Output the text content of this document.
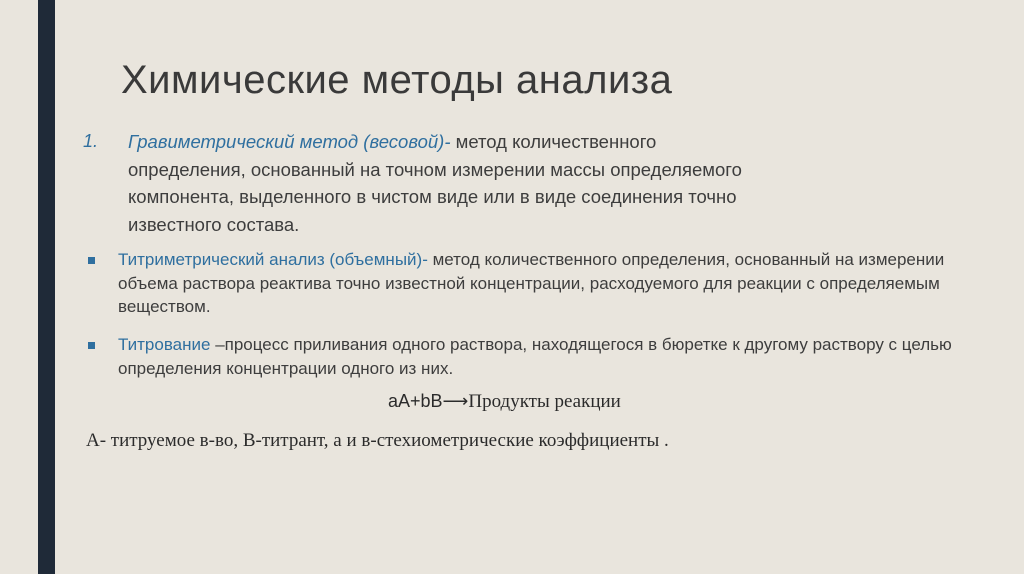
Химические методы анализа
1. Гравиметрический метод (весовой)- метод количественного определения, основанный на точном измерении массы определяемого компонента, выделенного в чистом виде или в виде соединения точно известного состава.
Титриметрический анализ (объемный)- метод количественного определения, основанный на измерении объема раствора реактива точно известной концентрации, расходуемого для реакции с определяемым веществом.
Титрование –процесс приливания одного раствора, находящегося в бюретке к другому раствору с целью определения концентрации одного из них.
aA+bB⟶Продукты реакции
А- титруемое в-во, В-титрант, а и в-стехиометрические коэффициенты .
